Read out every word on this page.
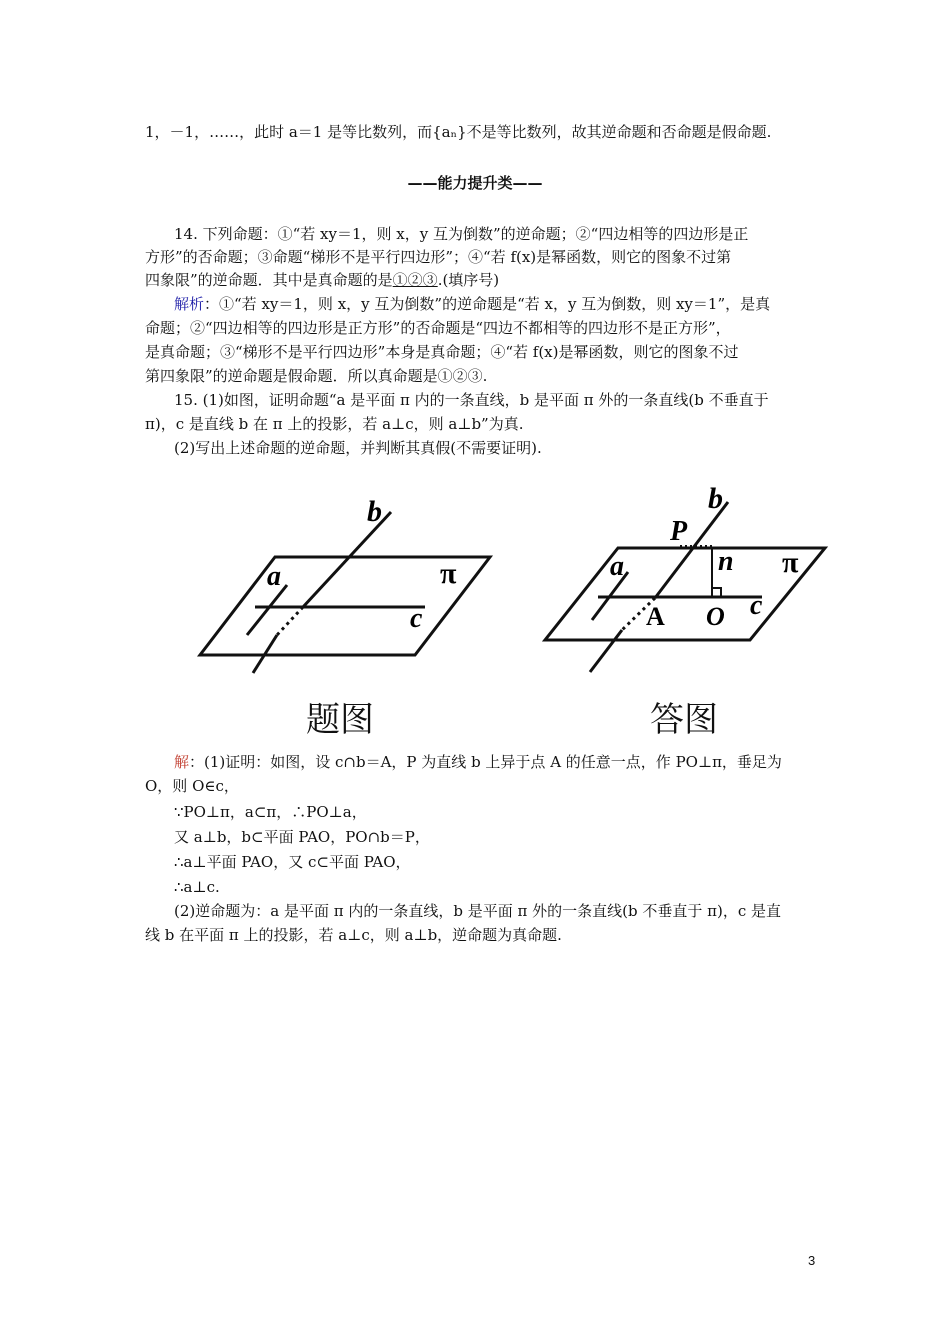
1，－1，……，此时 a＝1 是等比数列，而{aₙ}不是等比数列，故其逆命题和否命题是假命题.
——能力提升类——
14. 下列命题：①“若 xy＝1，则 x，y 互为倒数”的逆命题；②“四边相等的四边形是正
方形”的否命题；③命题“梯形不是平行四边形”；④“若 f(x)是幂函数，则它的图象不过第
四象限”的逆命题．其中是真命题的是①②③.(填序号)
解析：①“若 xy＝1，则 x，y 互为倒数”的逆命题是“若 x，y 互为倒数，则 xy＝1”，是真
命题；②“四边相等的四边形是正方形”的否命题是“四边不都相等的四边形不是正方形”，
是真命题；③“梯形不是平行四边形”本身是真命题；④“若 f(x)是幂函数，则它的图象不过
第四象限”的逆命题是假命题．所以真命题是①②③.
15. (1)如图，证明命题“a 是平面 π 内的一条直线，b 是平面 π 外的一条直线(b 不垂直于
π)，c 是直线 b 在 π 上的投影，若 a⊥c，则 a⊥b”为真.
(2)写出上述命题的逆命题，并判断其真假(不需要证明).
b
a	π
c
b
P
n π
a
A O c
题图	答图
解：(1)证明：如图，设 c∩b＝A，P 为直线 b 上异于点 A 的任意一点，作 PO⊥π，垂足为
O，则 O∈c，
∵PO⊥π，a⊂π，∴PO⊥a，
又 a⊥b，b⊂平面 PAO，PO∩b＝P，
∴a⊥平面 PAO，又 c⊂平面 PAO，
∴a⊥c.
(2)逆命题为：a 是平面 π 内的一条直线，b 是平面 π 外的一条直线(b 不垂直于 π)，c 是直
线 b 在平面 π 上的投影，若 a⊥c，则 a⊥b，逆命题为真命题.
3
